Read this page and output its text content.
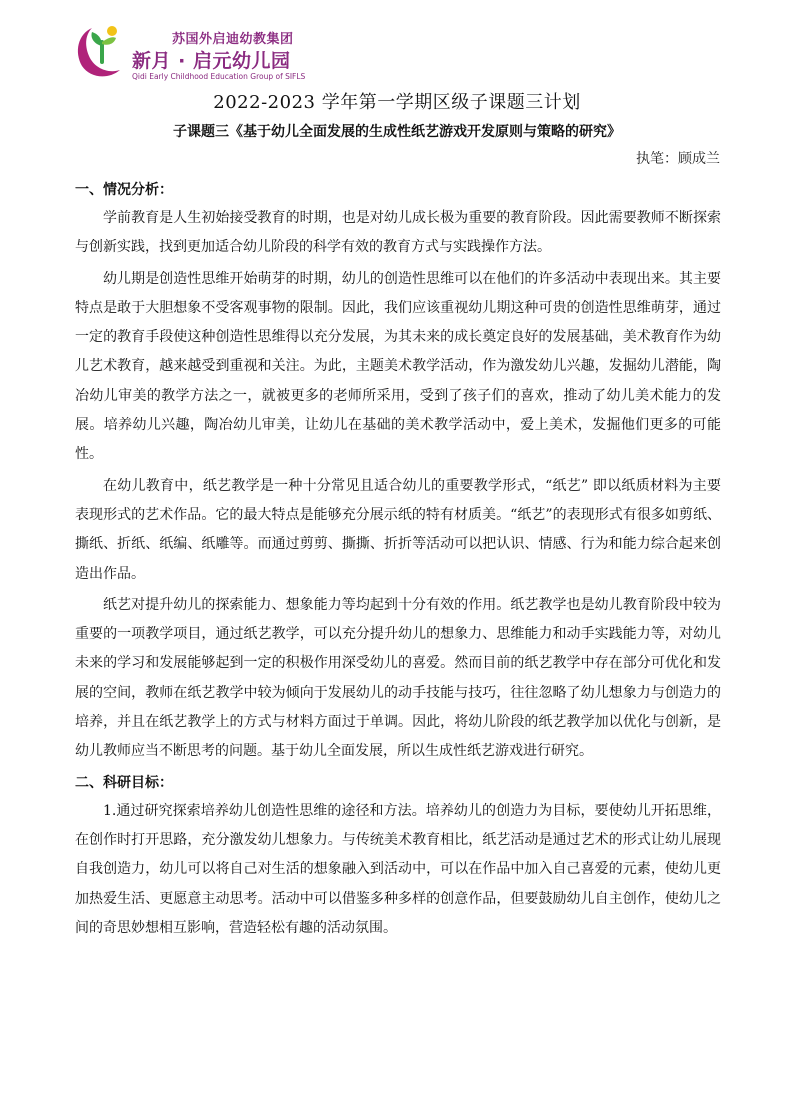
苏国外启迪幼教集团
新月 · 启元幼儿园
Qidi Early Childhood Education Group of SIFLS
2022-2023 学年第一学期区级子课题三计划
子课题三《基于幼儿全面发展的生成性纸艺游戏开发原则与策略的研究》
执笔：顾成兰
一、情况分析：

学前教育是人生初始接受教育的时期，也是对幼儿成长极为重要的教育阶段。因此需要教师不断探索与创新实践，找到更加适合幼儿阶段的科学有效的教育方式与实践操作方法。

幼儿期是创造性思维开始萌芽的时期，幼儿的创造性思维可以在他们的许多活动中表现出来。其主要特点是敢于大胆想象不受客观事物的限制。因此，我们应该重视幼儿期这种可贵的创造性思维萌芽，通过一定的教育手段使这种创造性思维得以充分发展，为其未来的成长奠定良好的发展基础，美术教育作为幼儿艺术教育，越来越受到重视和关注。为此，主题美术教学活动，作为激发幼儿兴趣，发掘幼儿潜能，陶冶幼儿审美的教学方法之一，就被更多的老师所采用，受到了孩子们的喜欢，推动了幼儿美术能力的发展。培养幼儿兴趣，陶冶幼儿审美，让幼儿在基础的美术教学活动中，爱上美术，发掘他们更多的可能性。

在幼儿教育中，纸艺教学是一种十分常见且适合幼儿的重要教学形式，“纸艺” 即以纸质材料为主要表现形式的艺术作品。它的最大特点是能够充分展示纸的特有材质美。“纸艺”的表现形式有很多如剪纸、撕纸、折纸、纸编、纸雕等。而通过剪剪、撕撕、折折等活动可以把认识、情感、行为和能力综合起来创造出作品。

纸艺对提升幼儿的探索能力、想象能力等均起到十分有效的作用。纸艺教学也是幼儿教育阶段中较为重要的一项教学项目，通过纸艺教学，可以充分提升幼儿的想象力、思维能力和动手实践能力等，对幼儿未来的学习和发展能够起到一定的积极作用深受幼儿的喜爱。然而目前的纸艺教学中存在部分可优化和发展的空间，教师在纸艺教学中较为倾向于发展幼儿的动手技能与技巧，往往忽略了幼儿想象力与创造力的培养，并且在纸艺教学上的方式与材料方面过于单调。因此，将幼儿阶段的纸艺教学加以优化与创新，是幼儿教师应当不断思考的问题。基于幼儿全面发展，所以生成性纸艺游戏进行研究。

二、科研目标：

1.通过研究探索培养幼儿创造性思维的途径和方法。培养幼儿的创造力为目标，要使幼儿开拓思维，在创作时打开思路，充分激发幼儿想象力。与传统美术教育相比，纸艺活动是通过艺术的形式让幼儿展现自我创造力，幼儿可以将自己对生活的想象融入到活动中，可以在作品中加入自己喜爱的元素，使幼儿更加热爱生活、更愿意主动思考。活动中可以借鉴多种多样的创意作品，但要鼓励幼儿自主创作，使幼儿之间的奇思妙想相互影响，营造轻松有趣的活动氛围。
